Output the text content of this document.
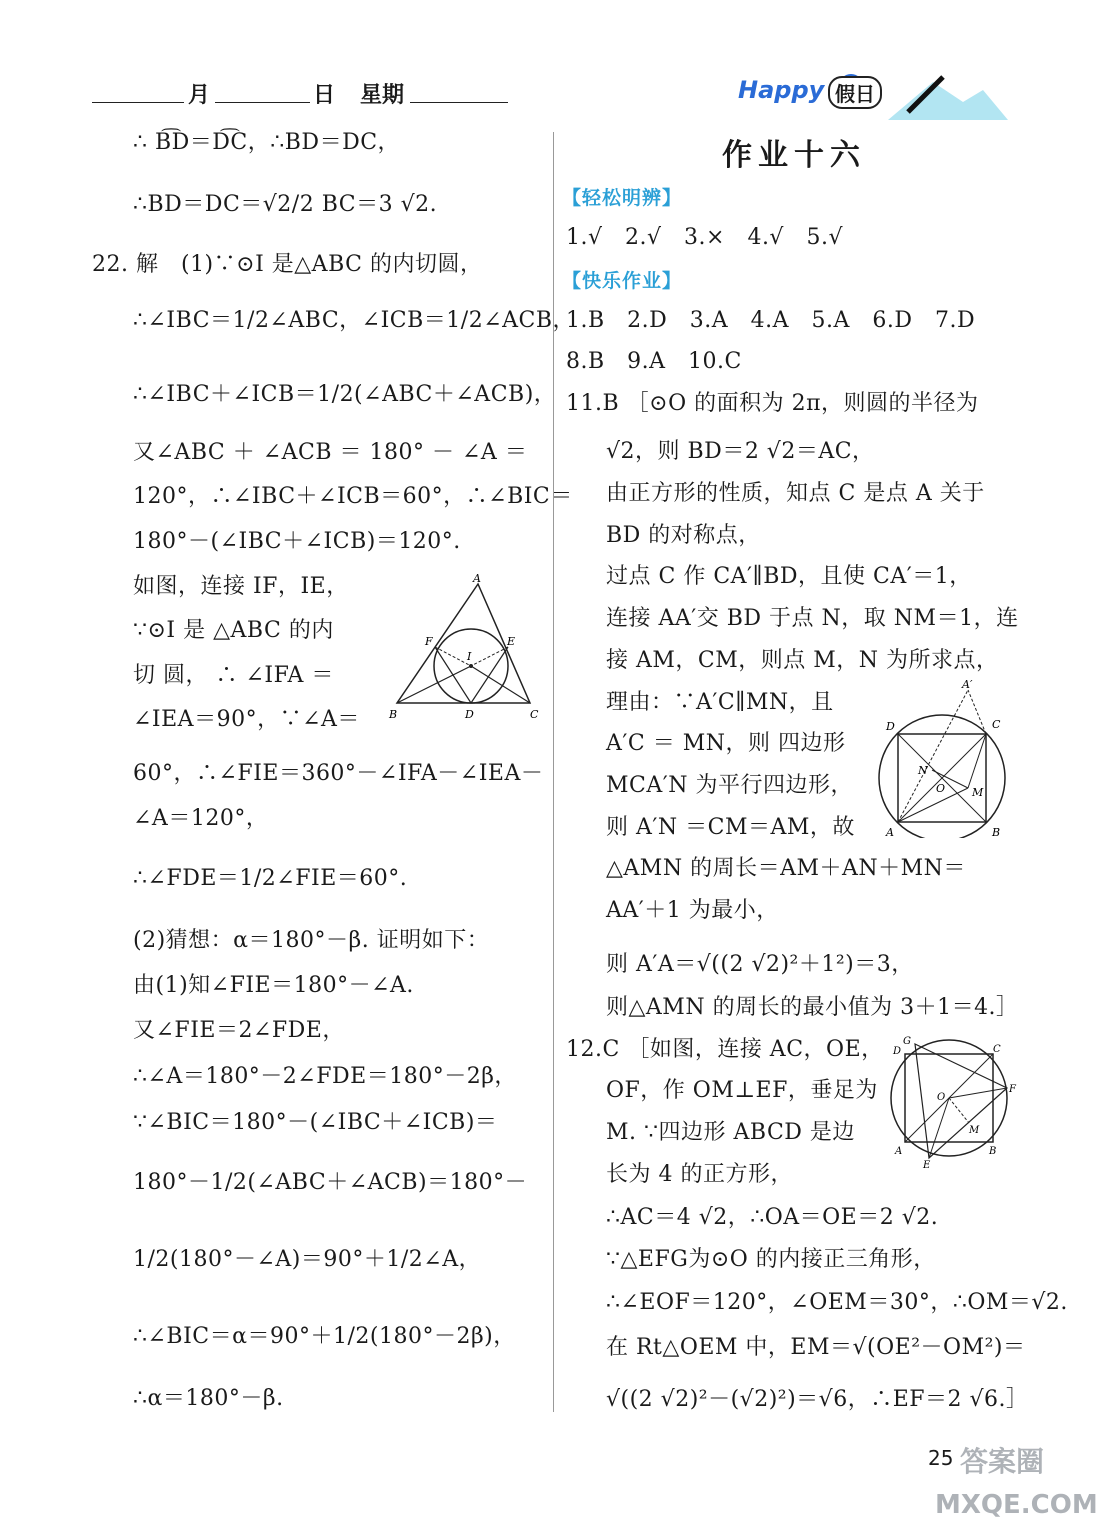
月	日 星期	Happy 假日
∴ B͡D＝D͡C，∴BD＝DC，
∴BD＝DC＝√2/2 BC＝3 √2.
22. 解　(1)∵⊙I 是△ABC 的内切圆，
∴∠IBC＝1/2∠ABC，∠ICB＝1/2∠ACB，
∴∠IBC＋∠ICB＝1/2(∠ABC＋∠ACB)，
又∠ABC ＋ ∠ACB ＝ 180° － ∠A ＝
120°，∴∠IBC＋∠ICB＝60°，∴∠BIC＝
180°－(∠IBC＋∠ICB)＝120°.
如图，连接 IF，IE，
∵⊙I 是 △ABC 的内
切 圆， ∴ ∠IFA ＝
∠IEA＝90°，∵∠A＝
60°，∴∠FIE＝360°－∠IFA－∠IEA－
∠A＝120°，
∴∠FDE＝1/2∠FIE＝60°.
(2)猜想：α＝180°－β. 证明如下：
由(1)知∠FIE＝180°－∠A.
又∠FIE＝2∠FDE，
∴∠A＝180°－2∠FDE＝180°－2β，
∵∠BIC＝180°－(∠IBC＋∠ICB)＝
180°－1/2(∠ABC＋∠ACB)＝180°－
1/2(180°－∠A)＝90°＋1/2∠A，
∴∠BIC＝α＝90°＋1/2(180°－2β)，
∴α＝180°－β.
A
B	C
D
E
F
I
作业十六
【轻松明辨】
1.√　2.√　3.×　4.√　5.√
【快乐作业】
1.B　2.D　3.A　4.A　5.A　6.D　7.D
8.B　9.A　10.C
11.B ［⊙O 的面积为 2π，则圆的半径为
√2，则 BD＝2 √2＝AC，
由正方形的性质，知点 C 是点 A 关于
BD 的对称点，
过点 C 作 CA′∥BD，且使 CA′＝1，
连接 AA′交 BD 于点 N，取 NM＝1，连
接 AM，CM，则点 M，N 为所求点，
理由：∵A′C∥MN，且
A′C ＝ MN，则 四边形
MCA′N 为平行四边形，
则 A′N ＝CM＝AM，故
△AMN 的周长＝AM＋AN＋MN＝
AA′＋1 为最小，
则 A′A＝√((2 √2)²＋1²)＝3，
则△AMN 的周长的最小值为 3＋1＝4.］
12.C ［如图，连接 AC，OE，
OF，作 OM⊥EF，垂足为
M. ∵四边形 ABCD 是边
长为 4 的正方形，
∴AC＝4 √2，∴OA＝OE＝2 √2.
∵△EFG为⊙O 的内接正三角形，
∴∠EOF＝120°，∠OEM＝30°，∴OM＝√2.
在 Rt△OEM 中，EM＝√(OE²－OM²)＝
√((2 √2)²－(√2)²)＝√6，∴EF＝2 √6.］
A′
D	C
N
O M
A	B
G
D	C
F
O
M
A
E
B
25 答案圈
MXQE.COM
